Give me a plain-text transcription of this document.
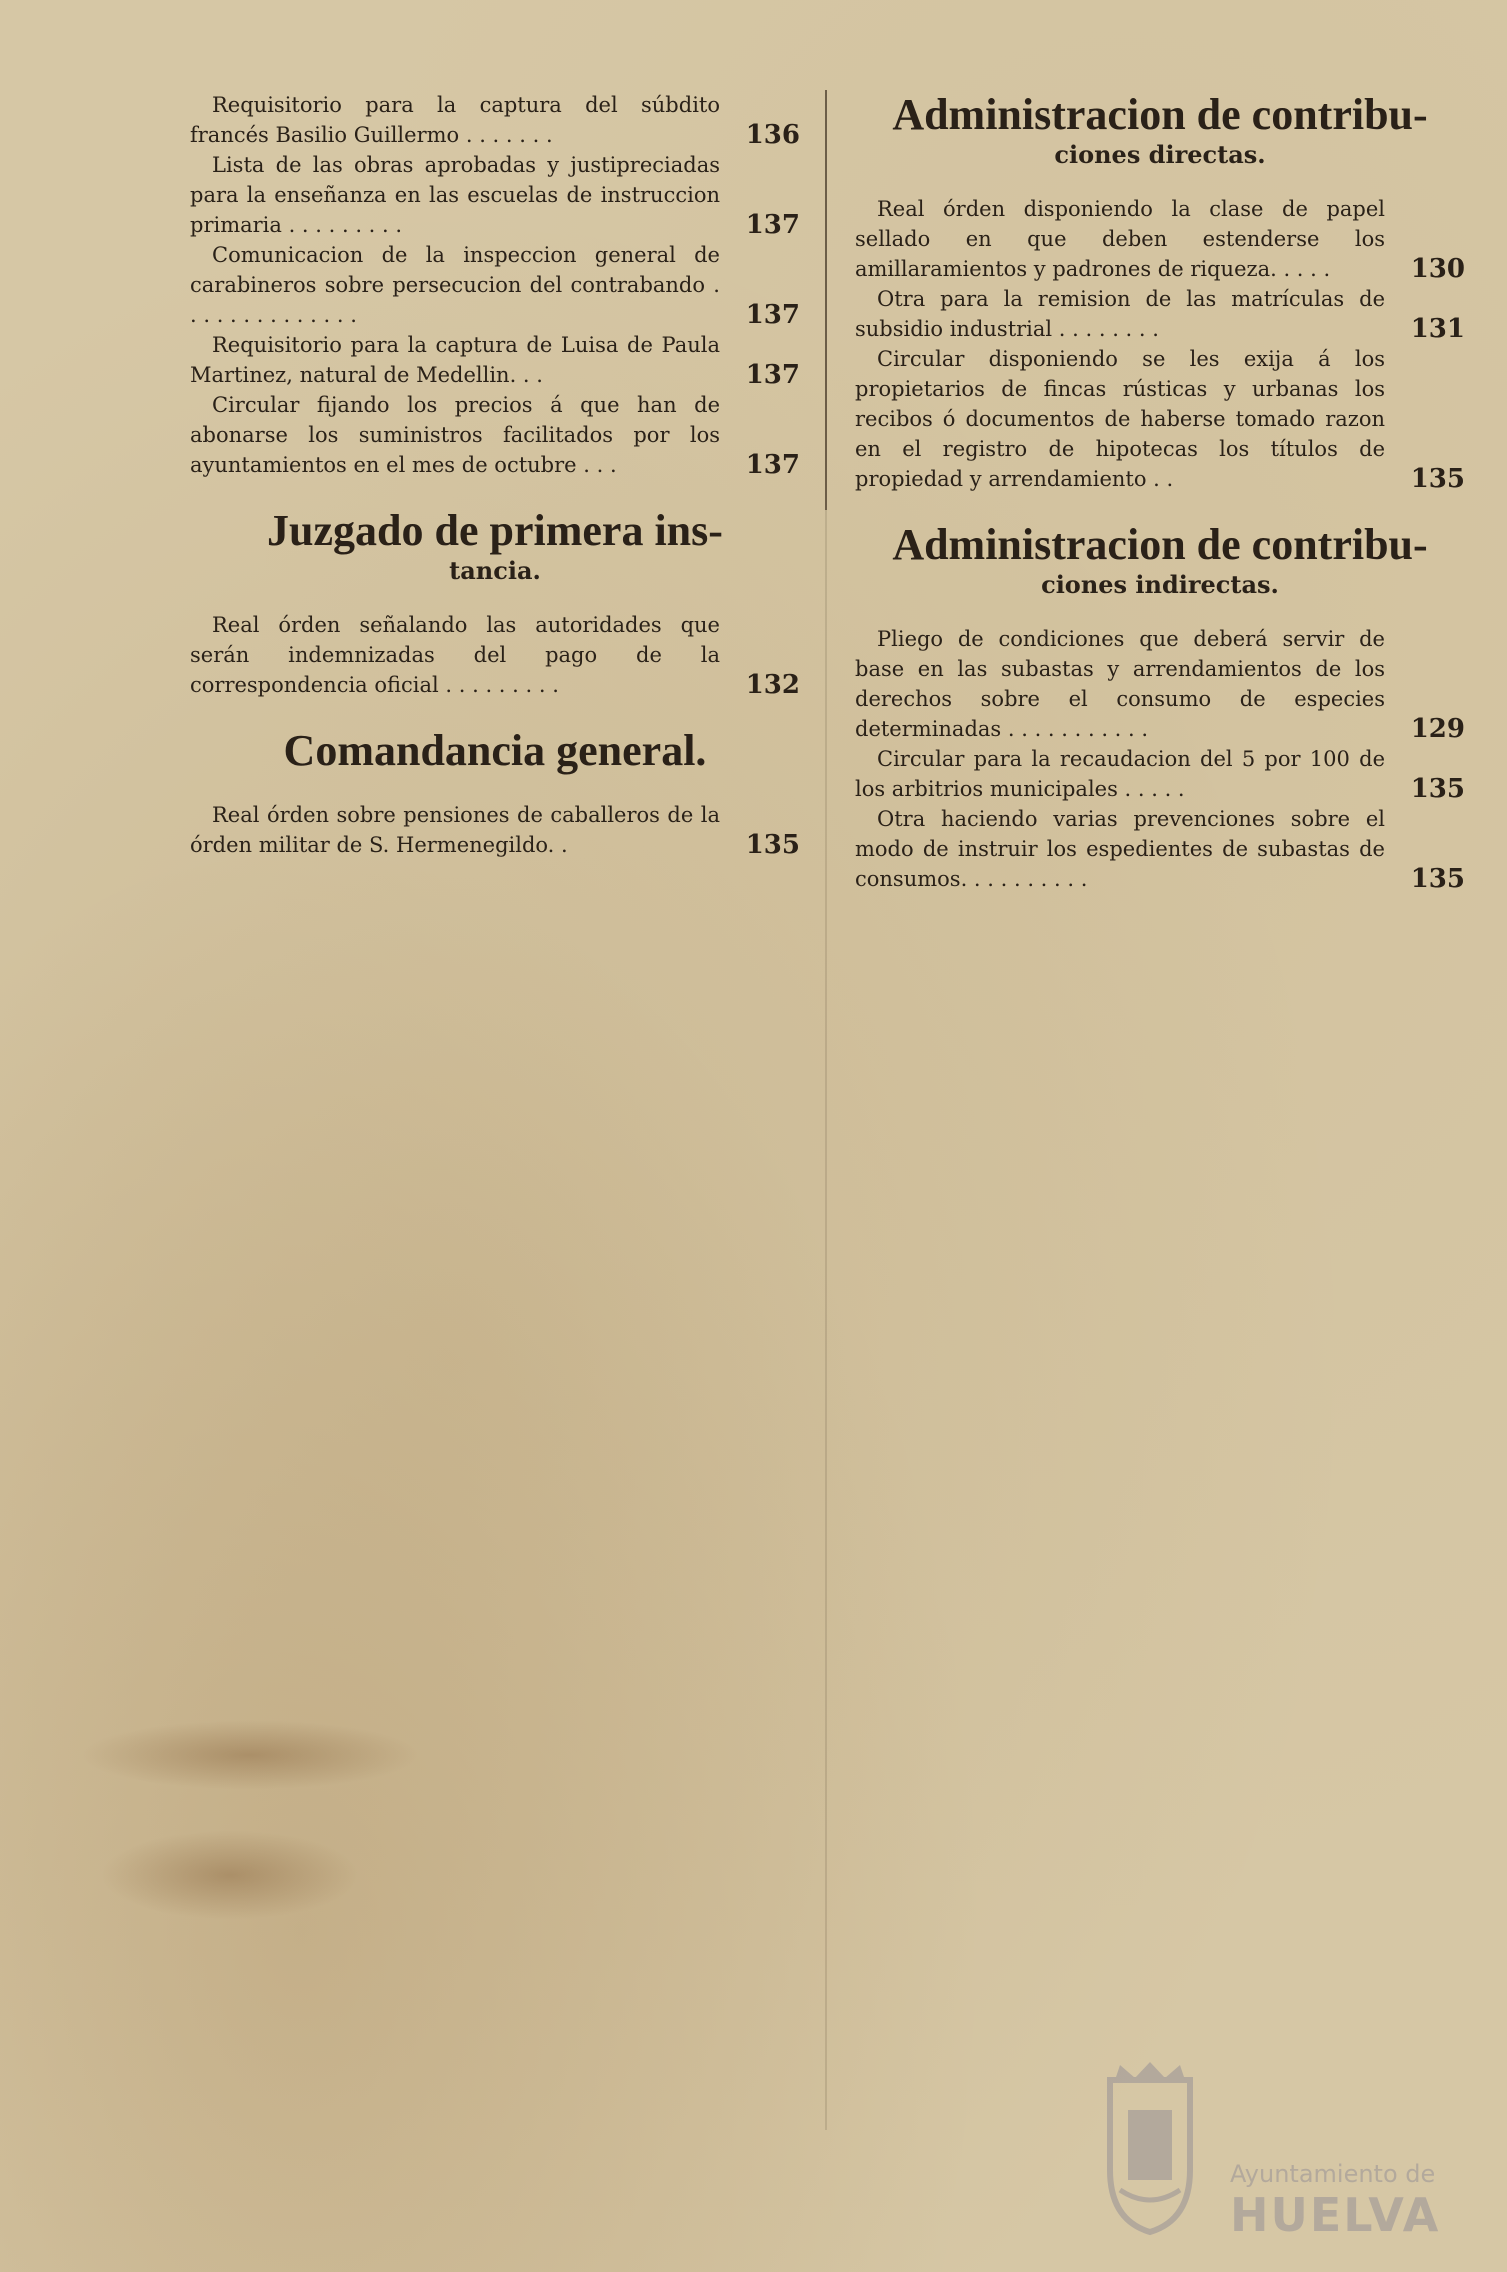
Requisitorio para la captura del súbdito francés Basilio Guillermo . . . . . . .	136
Lista de las obras aprobadas y justipreciadas para la enseñanza en las escuelas de instruccion primaria . . . . . . . . .	137
Comunicacion de la inspeccion general de carabineros sobre persecucion del contrabando . . . . . . . . . . . . . .	137
Requisitorio para la captura de Luisa de Paula Martinez, natural de Medellin. . .	137
Circular fijando los precios á que han de abonarse los suministros facilitados por los ayuntamientos en el mes de octubre . . .	137
Juzgado de primera ins-
tancia.
Real órden señalando las autoridades que serán indemnizadas del pago de la correspondencia oficial . . . . . . . . .	132
Comandancia general.
Real órden sobre pensiones de caballeros de la órden militar de S. Hermenegildo. .	135
Administracion de contribu-
ciones directas.
Real órden disponiendo la clase de papel sellado en que deben estenderse los amillaramientos y padrones de riqueza. . . . .	130
Otra para la remision de las matrículas de subsidio industrial . . . . . . . .	131
Circular disponiendo se les exija á los propietarios de fincas rústicas y urbanas los recibos ó documentos de haberse tomado razon en el registro de hipotecas los títulos de propiedad y arrendamiento . .	135
Administracion de contribu-
ciones indirectas.
Pliego de condiciones que deberá servir de base en las subastas y arrendamientos de los derechos sobre el consumo de especies determinadas . . . . . . . . . . .	129
Circular para la recaudacion del 5 por 100 de los arbitrios municipales . . . . .	135
Otra haciendo varias prevenciones sobre el modo de instruir los espedientes de subastas de consumos. . . . . . . . . .	135
Ayuntamiento de
HUELVA
